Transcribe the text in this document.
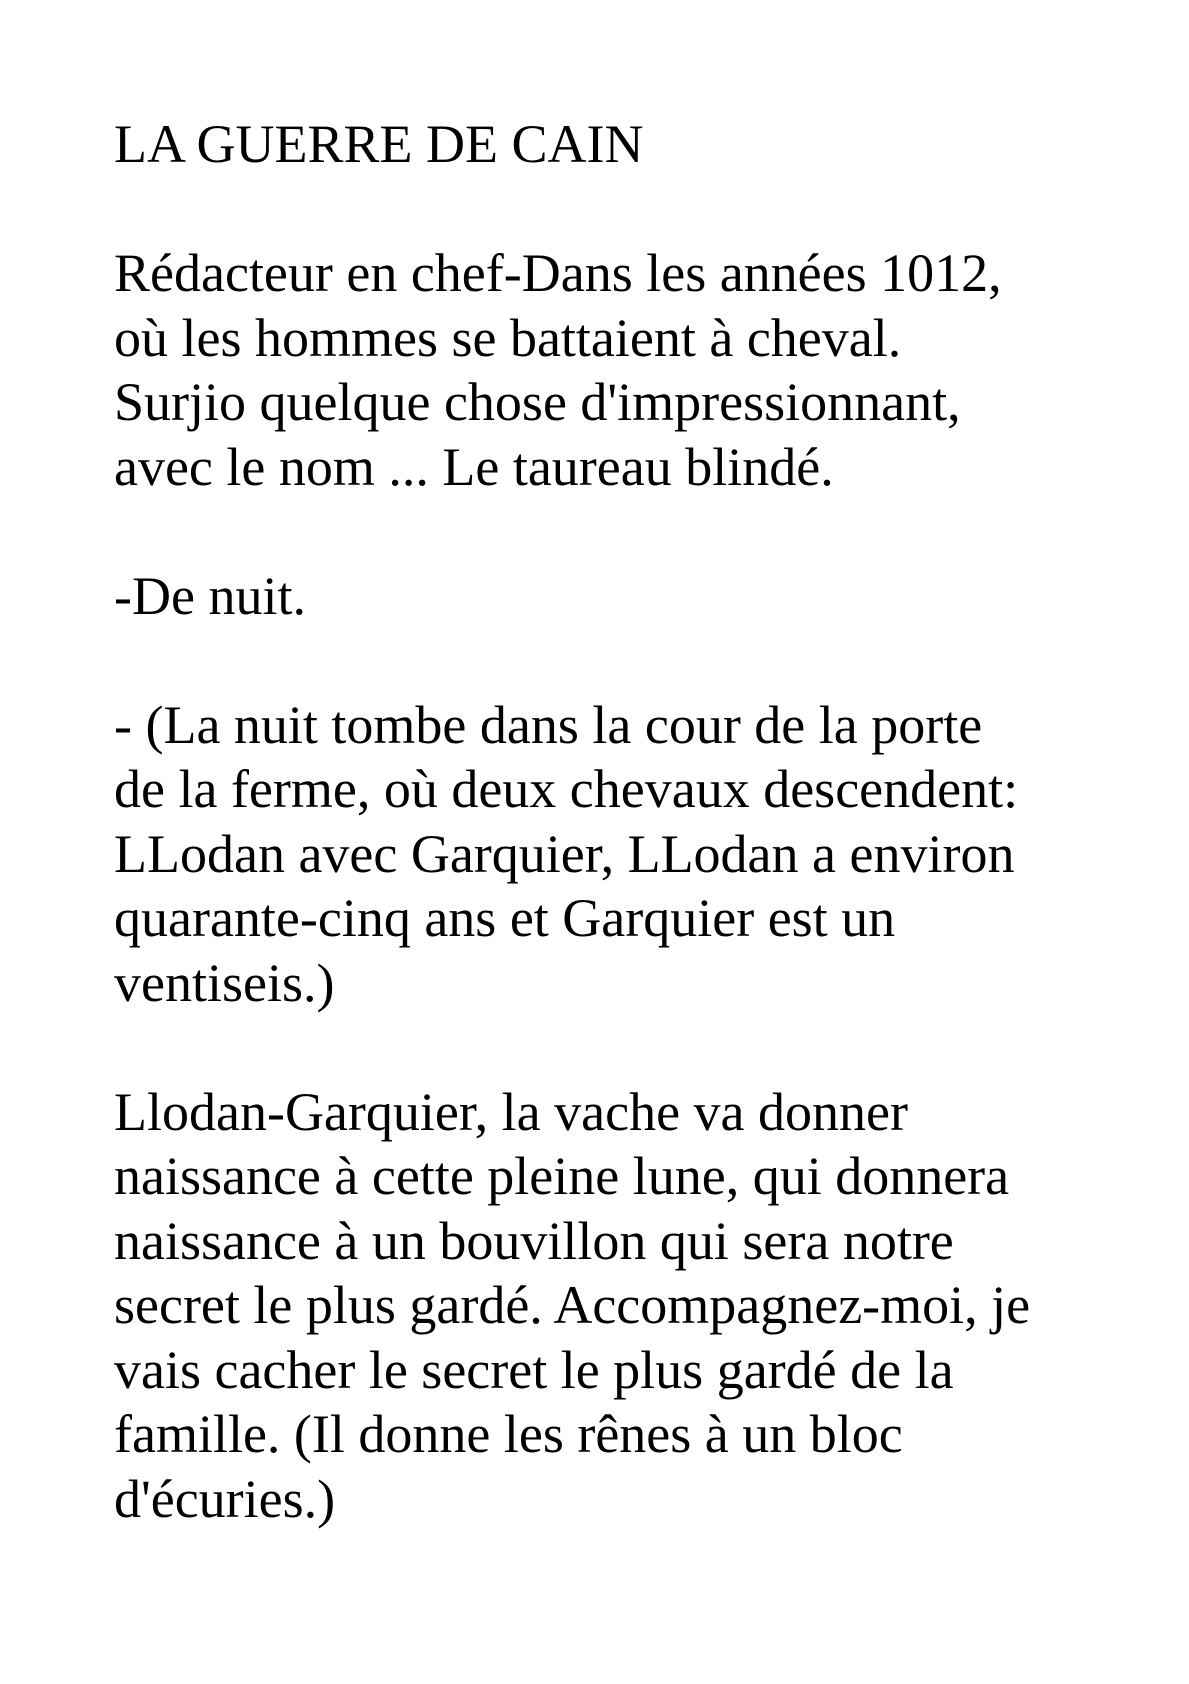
LA GUERRE DE CAIN
Rédacteur en chef-Dans les années 1012,
où les hommes se battaient à cheval.
Surjio quelque chose d'impressionnant,
avec le nom ... Le taureau blindé.
-De nuit.
- (La nuit tombe dans la cour de la porte
de la ferme, où deux chevaux descendent:
LLodan avec Garquier, LLodan a environ
quarante-cinq ans et Garquier est un
ventiseis.)
Llodan-Garquier, la vache va donner
naissance à cette pleine lune, qui donnera
naissance à un bouvillon qui sera notre
secret le plus gardé. Accompagnez-moi, je
vais cacher le secret le plus gardé de la
famille. (Il donne les rênes à un bloc
d'écuries.)
